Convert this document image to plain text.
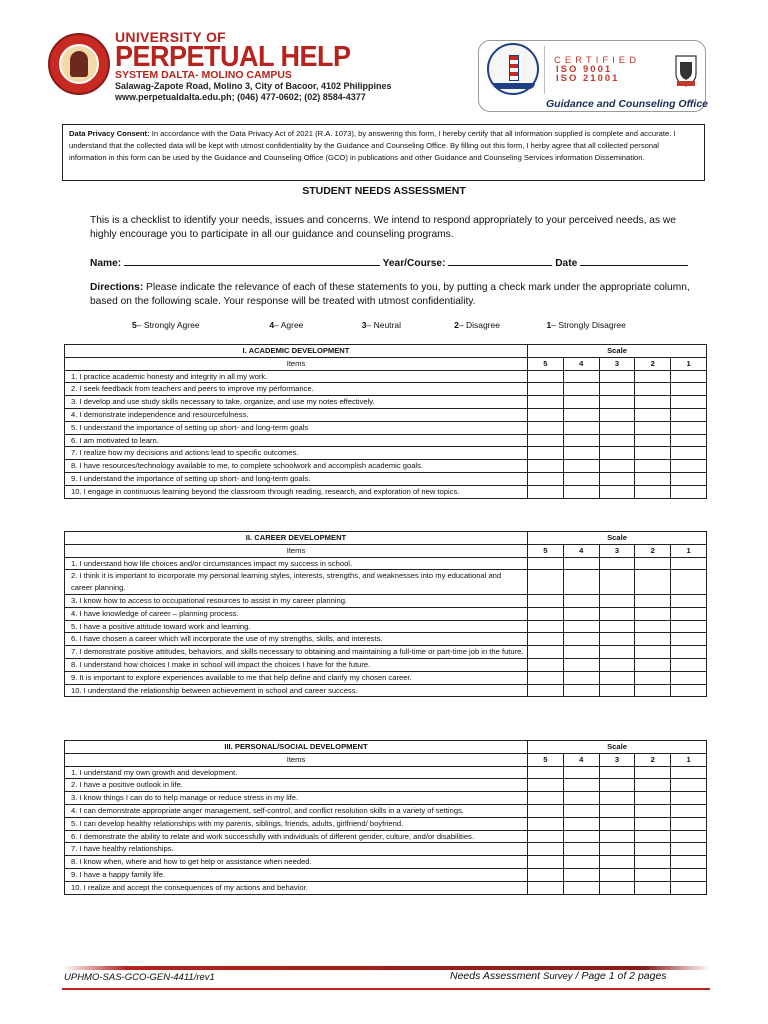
UNIVERSITY OF
PERPETUAL HELP
SYSTEM DALTA- MOLINO CAMPUS
Salawag-Zapote Road, Molino 3, City of Bacoor, 4102 Philippines
www.perpetualdalta.edu.ph; (046) 477-0602; (02) 8584-4377
CERTIFIED
ISO 9001
ISO 21001
Guidance and Counseling Office
Data Privacy Consent: In accordance with the Data Privacy Act of 2021 (R.A. 1073), by answering this form, I hereby certify that all information supplied is complete and accurate. I understand that the collected data will be kept with utmost confidentiality by the Guidance and Counseling Office. By filling out this form, I herby agree that all collected personal information in this form can be used by the Guidance and Counseling Office (GCO) in publications and other Guidance and Counseling Services information Dissemination.
STUDENT NEEDS ASSESSMENT
This is a checklist to identify your needs, issues and concerns. We intend to respond appropriately to your perceived needs, as we highly encourage you to participate in all our guidance and counseling programs.
Name:	Year/Course:	Date
Directions: Please indicate the relevance of each of these statements to you, by putting a check mark under the appropriate column, based on the following scale. Your response will be treated with utmost confidentiality.
5– Strongly Agree	4– Agree	3– Neutral	2– Disagree	1– Strongly Disagree
I. ACADEMIC DEVELOPMENT	Scale				
Items	5	4	3	2	1
1. I practice academic honesty and integrity in all my work.					
2. I seek feedback from teachers and peers to improve my performance.					
3. I develop and use study skills necessary to take, organize, and use my notes effectively.					
4. I demonstrate independence and resourcefulness.					
5. I understand the importance of setting up short- and long-term goals					
6. I am motivated to learn.					
7. I realize how my decisions and actions lead to specific outcomes.					
8. I have resources/technology available to me, to complete schoolwork and accomplish academic goals.					
9. I understand the importance of setting up short- and long-term goals.					
10. I engage in continuous learning beyond the classroom through reading, research, and exploration of new topics.					
II. CAREER DEVELOPMENT	Scale				
Items	5	4	3	2	1
1. I understand how life choices and/or circumstances impact my success in school.					
2. I think it is important to incorporate my personal learning styles, interests, strengths, and weaknesses into my educational and career planning.					
3. I know how to access to occupational resources to assist in my career planning.					
4. I have knowledge of career – planning process.					
5. I have a positive attitude toward work and learning.					
6. I have chosen a career which will incorporate the use of my strengths, skills, and interests.					
7. I demonstrate positive attitudes, behaviors, and skills necessary to obtaining and maintaining a full-time or part-time job in the future.					
8. I understand how choices I make in school will impact the choices I have for the future.					
9. It is important to explore experiences available to me that help define and clarify my chosen career.					
10. I understand the relationship between achievement in school and career success.					
III. PERSONAL/SOCIAL DEVELOPMENT	Scale				
Items	5	4	3	2	1
1. I understand my own growth and development.					
2. I have a positive outlook in life.					
3. I know things I can do to help manage or reduce stress in my life.					
4. I can demonstrate appropriate anger management, self-control, and conflict resolution skills in a variety of settings.					
5. I can develop healthy relationships with my parents, siblings, friends, adults, girlfriend/ boyfriend.					
6. I demonstrate the ability to relate and work successfully with individuals of different gender, culture, and/or disabilities.					
7. I have healthy relationships.					
8. I know when, where and how to get help or assistance when needed.					
9. I have a happy family life.					
10. I realize and accept the consequences of my actions and behavior.					
UPHMO-SAS-GCO-GEN-4411/rev1	Needs Assessment Survey / Page 1 of 2 pages
